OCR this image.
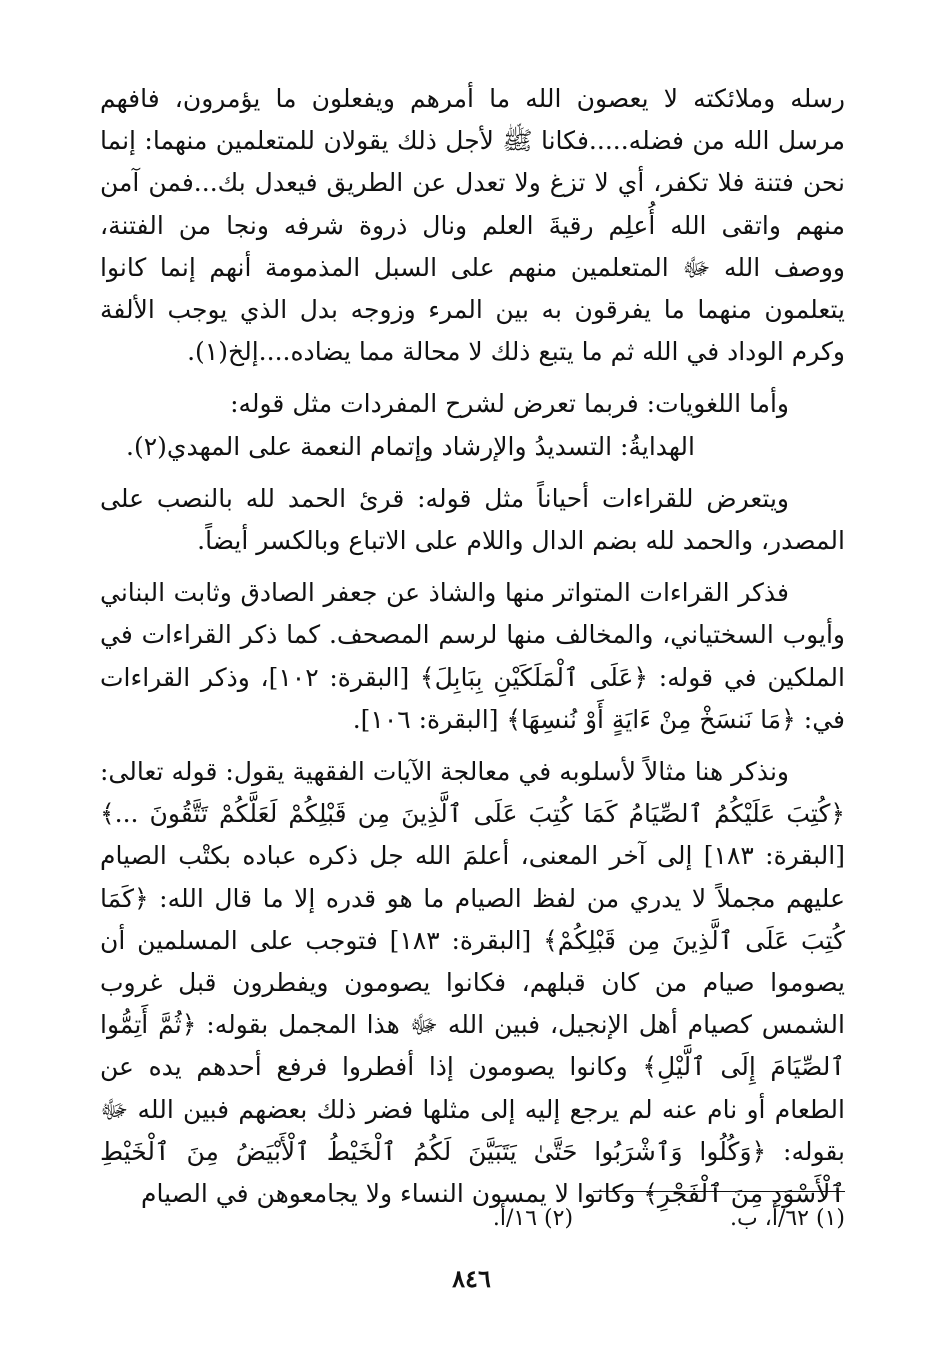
رسله وملائكته لا يعصون الله ما أمرهم ويفعلون ما يؤمرون، فافهم مرسل الله من فضله.....فكانا ﷺ لأجل ذلك يقولان للمتعلمين منهما: إنما نحن فتنة فلا تكفر، أي لا تزغ ولا تعدل عن الطريق فيعدل بك...فمن آمن منهم واتقى الله أُعلِم رقيةَ العلم ونال ذروة شرفه ونجا من الفتنة، ووصف الله ﷻ المتعلمين منهم على السبل المذمومة أنهم إنما كانوا يتعلمون منهما ما يفرقون به بين المرء وزوجه بدل الذي يوجب الألفة وكرم الوداد في الله ثم ما يتبع ذلك لا محالة مما يضاده....إلخ(١).

وأما اللغويات: فربما تعرض لشرح المفردات مثل قوله:

الهدايةُ: التسديدُ والإرشاد وإتمام النعمة على المهدي(٢).

ويتعرض للقراءات أحياناً مثل قوله: قرئ الحمد لله بالنصب على المصدر، والحمد لله بضم الدال واللام على الاتباع وبالكسر أيضاً.

فذكر القراءات المتواتر منها والشاذ عن جعفر الصادق وثابت البناني وأيوب السختياني، والمخالف منها لرسم المصحف. كما ذكر القراءات في الملكين في قوله: ﴿عَلَى ٱلْمَلَكَيْنِ بِبَابِلَ﴾ [البقرة: ١٠٢]، وذكر القراءات في: ﴿مَا نَنسَخْ مِنْ ءَايَةٍ أَوْ نُنسِهَا﴾ [البقرة: ١٠٦].

ونذكر هنا مثالاً لأسلوبه في معالجة الآيات الفقهية يقول: قوله تعالى: ﴿كُتِبَ عَلَيْكُمُ ٱلصِّيَامُ كَمَا كُتِبَ عَلَى ٱلَّذِينَ مِن قَبْلِكُمْ لَعَلَّكُمْ تَتَّقُونَ ...﴾ [البقرة: ١٨٣] إلى آخر المعنى، أعلمَ الله جل ذكره عباده بكتْب الصيام عليهم مجملاً لا يدري من لفظ الصيام ما هو قدره إلا ما قال الله: ﴿كَمَا كُتِبَ عَلَى ٱلَّذِينَ مِن قَبْلِكُمْ﴾ [البقرة: ١٨٣] فتوجب على المسلمين أن يصوموا صيام من كان قبلهم، فكانوا يصومون ويفطرون قبل غروب الشمس كصيام أهل الإنجيل، فبين الله ﷻ هذا المجمل بقوله: ﴿ثُمَّ أَتِمُّوا ٱلصِّيَامَ إِلَى ٱلَّيْلِ﴾ وكانوا يصومون إذا أفطروا فرفع أحدهم يده عن الطعام أو نام عنه لم يرجع إليه إلى مثلها فضر ذلك بعضهم فبين الله ﷻ بقوله: ﴿وَكُلُوا وَٱشْرَبُوا حَتَّىٰ يَتَبَيَّنَ لَكُمُ ٱلْخَيْطُ ٱلْأَبْيَضُ مِنَ ٱلْخَيْطِ ٱلْأَسْوَدِ مِنَ ٱلْفَجْرِ﴾ وكانوا لا يمسون النساء ولا يجامعوهن في الصيام

(١) ٦٢/أ، ب. (٢) ١٦/أ.
٨٤٦
